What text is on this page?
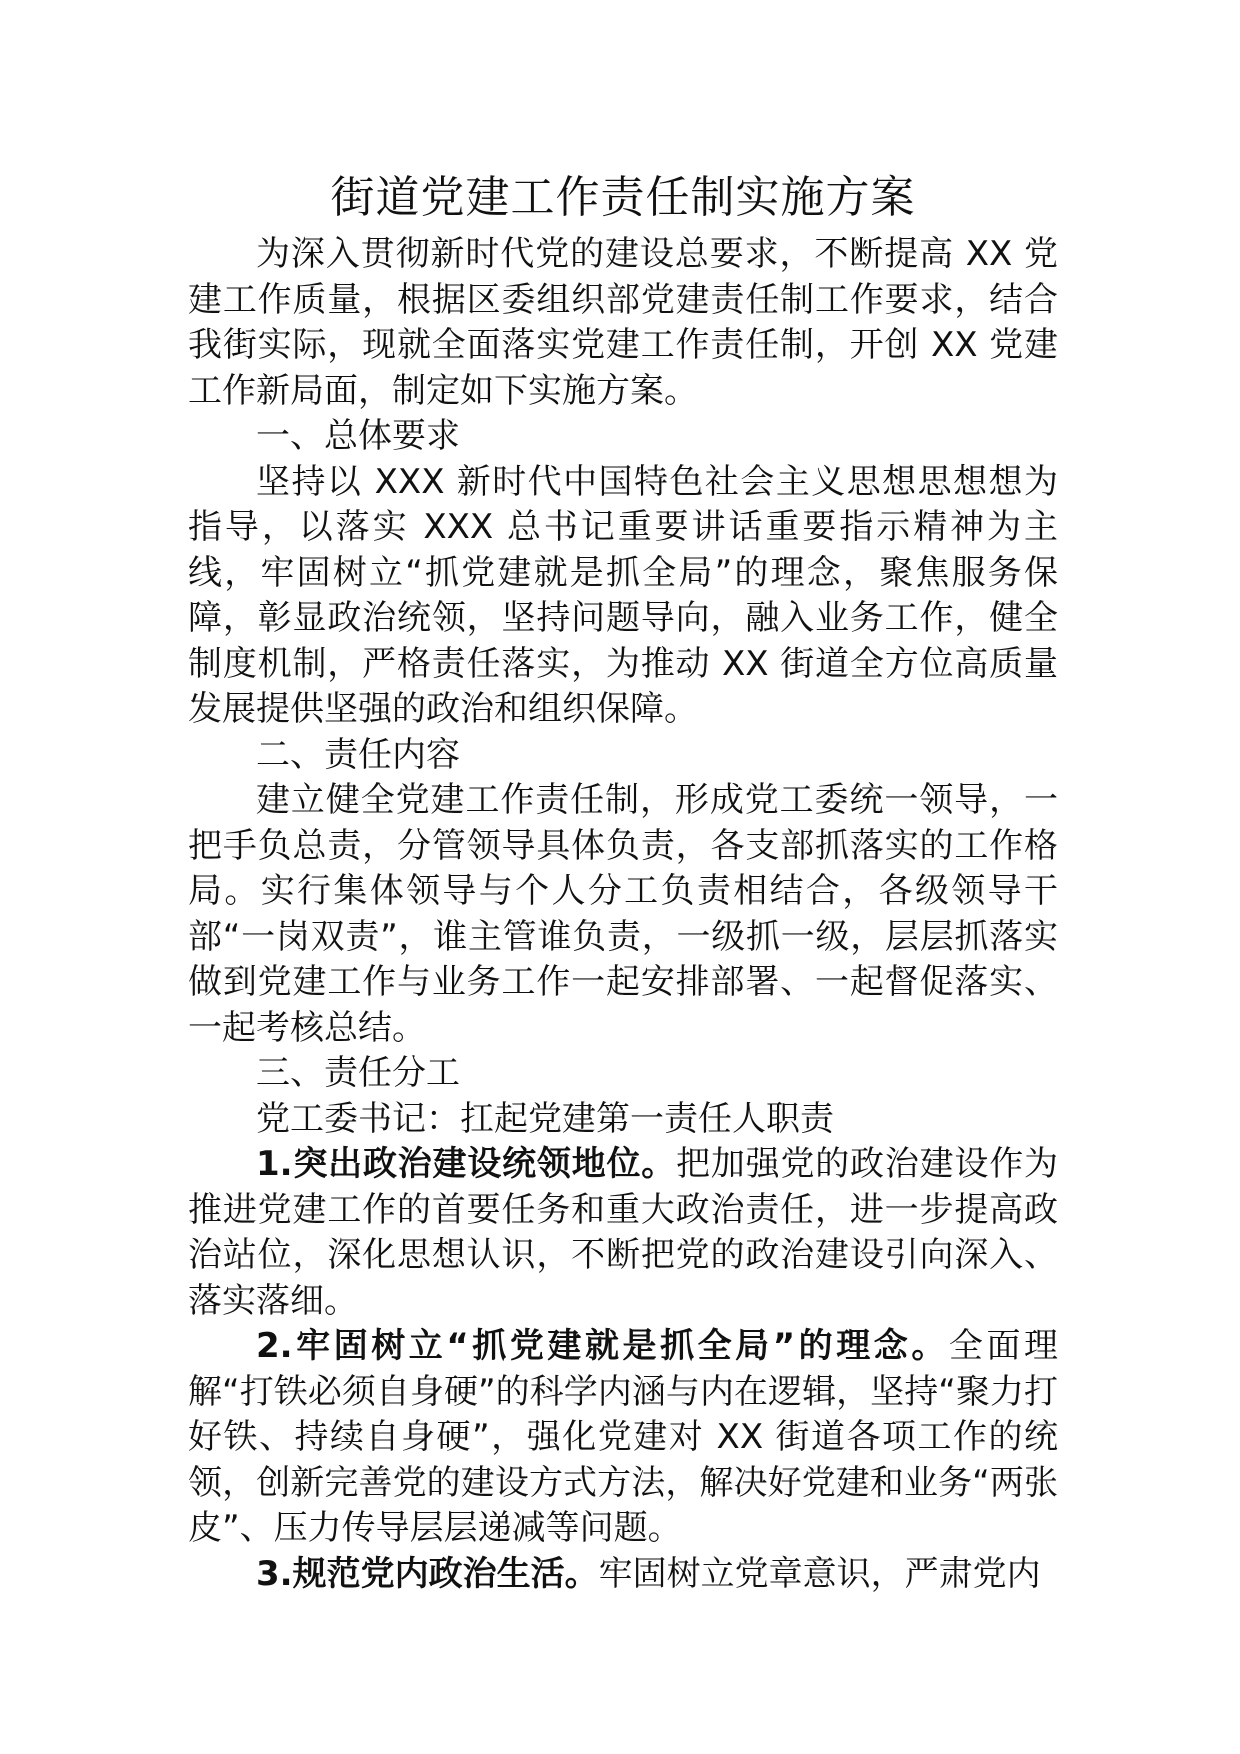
街道党建工作责任制实施方案

为深入贯彻新时代党的建设总要求，不断提高 XX 党建工作质量，根据区委组织部党建责任制工作要求，结合我街实际，现就全面落实党建工作责任制，开创 XX 党建工作新局面，制定如下实施方案。

一、总体要求

坚持以 XXX 新时代中国特色社会主义思想思想想为指导，以落实 XXX 总书记重要讲话重要指示精神为主线，牢固树立“抓党建就是抓全局”的理念，聚焦服务保障，彰显政治统领，坚持问题导向，融入业务工作，健全制度机制，严格责任落实，为推动 XX 街道全方位高质量发展提供坚强的政治和组织保障。

二、责任内容

建立健全党建工作责任制，形成党工委统一领导，一把手负总责，分管领导具体负责，各支部抓落实的工作格局。实行集体领导与个人分工负责相结合，各级领导干部“一岗双责”，谁主管谁负责，一级抓一级，层层抓落实做到党建工作与业务工作一起安排部署、一起督促落实、一起考核总结。

三、责任分工

党工委书记：扛起党建第一责任人职责

1.突出政治建设统领地位。把加强党的政治建设作为推进党建工作的首要任务和重大政治责任，进一步提高政治站位，深化思想认识，不断把党的政治建设引向深入、落实落细。

2.牢固树立“抓党建就是抓全局”的理念。全面理解“打铁必须自身硬”的科学内涵与内在逻辑，坚持“聚力打好铁、持续自身硬”，强化党建对 XX 街道各项工作的统领，创新完善党的建设方式方法，解决好党建和业务“两张皮”、压力传导层层递减等问题。

3.规范党内政治生活。牢固树立党章意识，严肃党内
